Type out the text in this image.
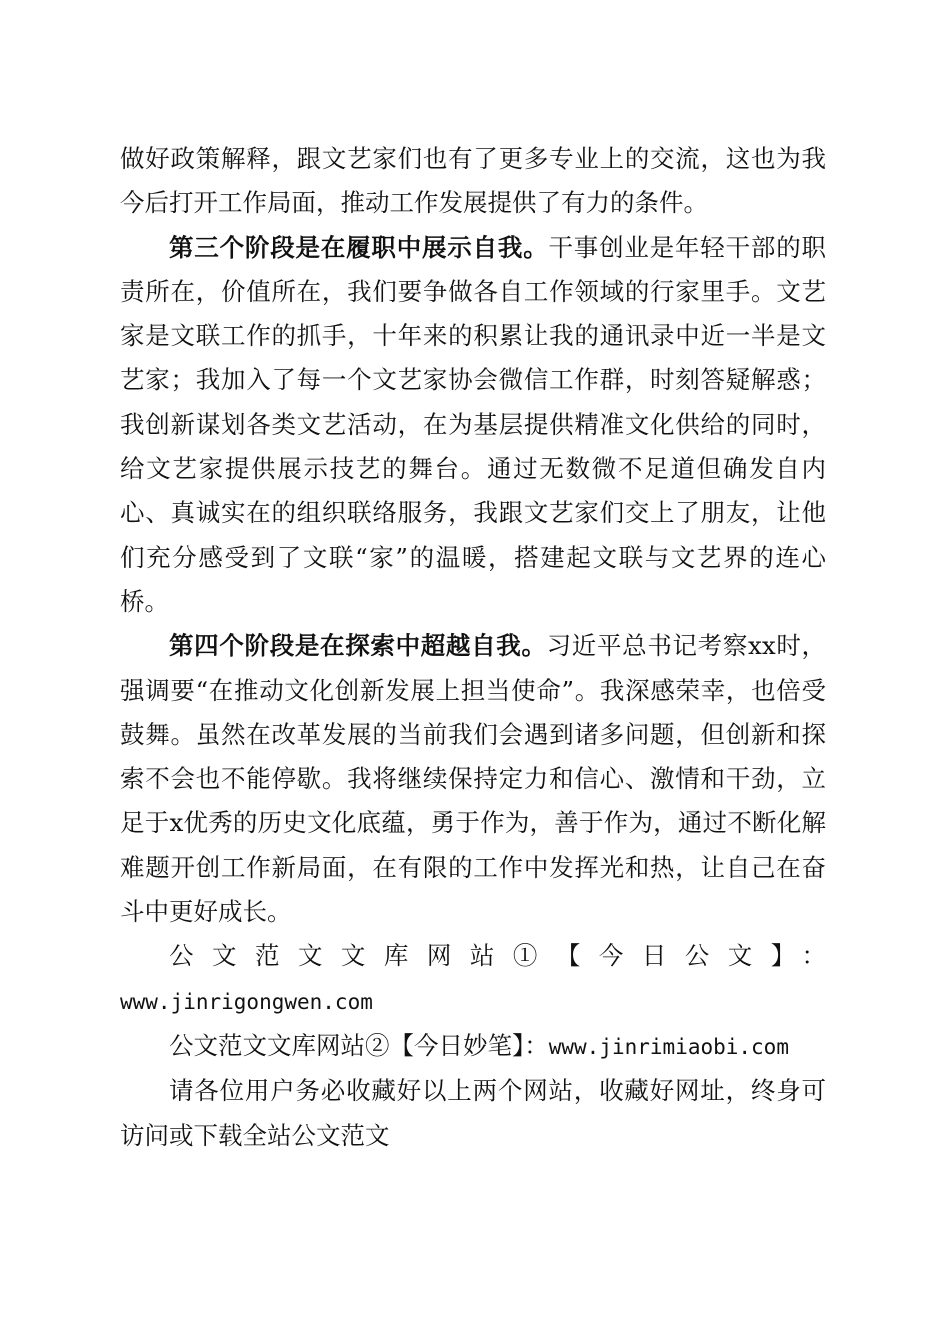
做好政策解释，跟文艺家们也有了更多专业上的交流，这也为我今后打开工作局面，推动工作发展提供了有力的条件。

第三个阶段是在履职中展示自我。干事创业是年轻干部的职责所在，价值所在，我们要争做各自工作领域的行家里手。文艺家是文联工作的抓手，十年来的积累让我的通讯录中近一半是文艺家；我加入了每一个文艺家协会微信工作群，时刻答疑解惑；我创新谋划各类文艺活动，在为基层提供精准文化供给的同时，给文艺家提供展示技艺的舞台。通过无数微不足道但确发自内心、真诚实在的组织联络服务，我跟文艺家们交上了朋友，让他们充分感受到了文联“家”的温暖，搭建起文联与文艺界的连心桥。

第四个阶段是在探索中超越自我。习近平总书记考察xx时，强调要“在推动文化创新发展上担当使命”。我深感荣幸，也倍受鼓舞。虽然在改革发展的当前我们会遇到诸多问题，但创新和探索不会也不能停歇。我将继续保持定力和信心、激情和干劲，立足于x优秀的历史文化底蕴，勇于作为，善于作为，通过不断化解难题开创工作新局面，在有限的工作中发挥光和热，让自己在奋斗中更好成长。

公文范文文库网站①【今日公文】：

www.jinrigongwen.com

公文范文文库网站②【今日妙笔】：www.jinrimiaobi.com

请各位用户务必收藏好以上两个网站，收藏好网址，终身可访问或下载全站公文范文
